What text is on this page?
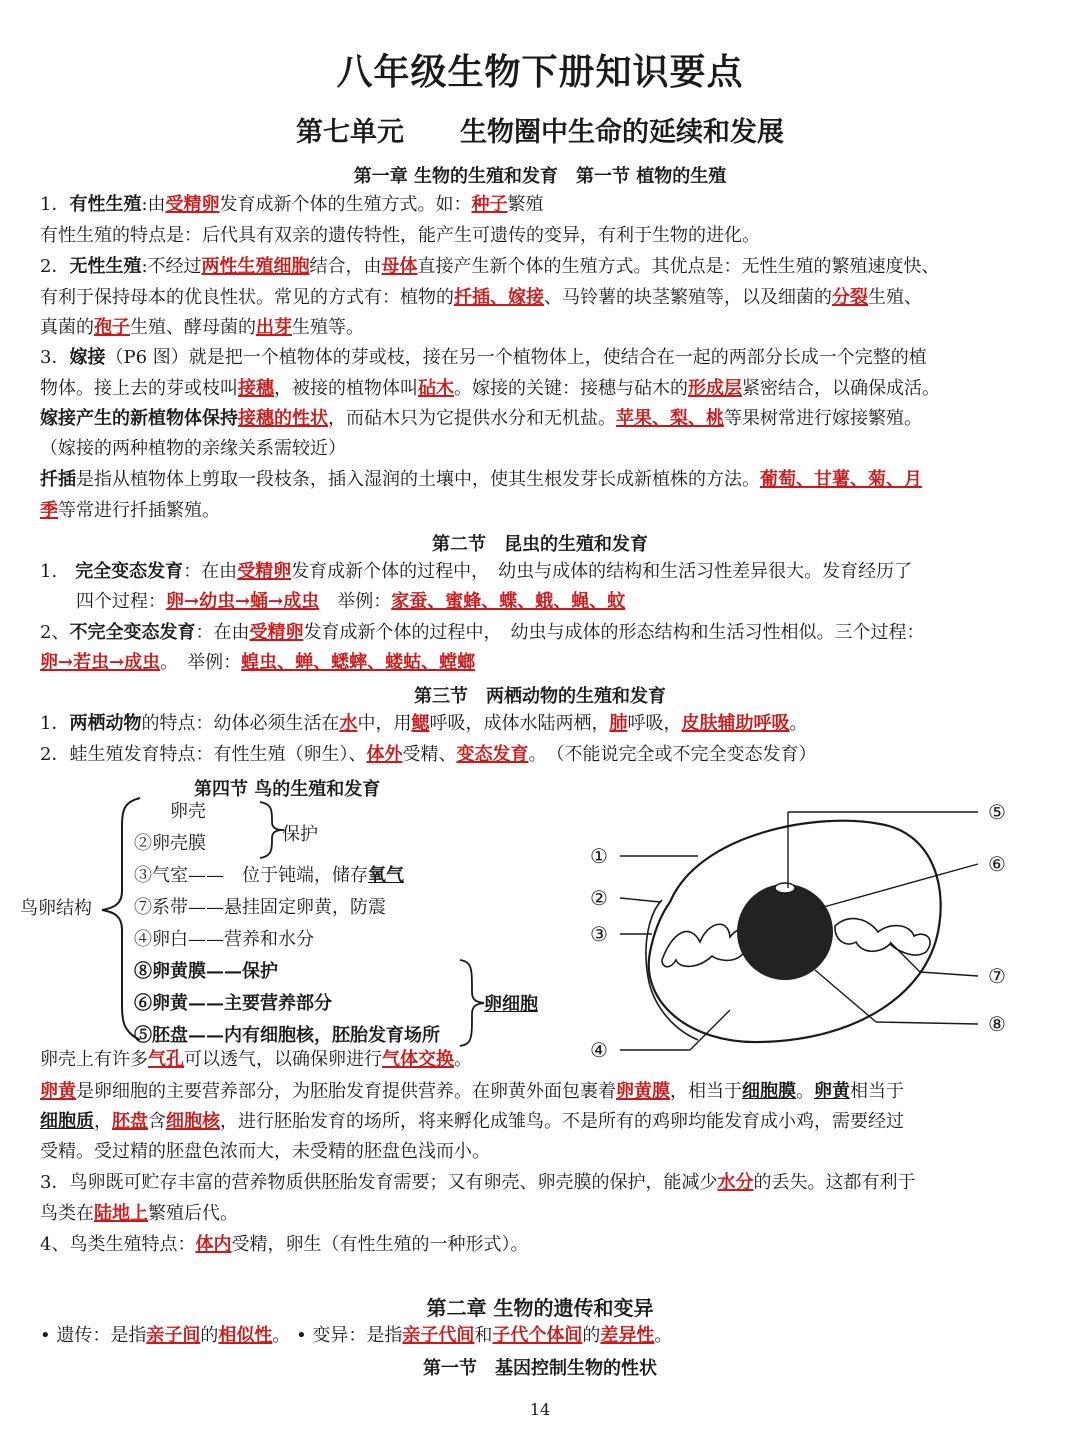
八年级生物下册知识要点
第七单元 生物圈中生命的延续和发展
第一章 生物的生殖和发育　第一节 植物的生殖
1．有性生殖:由受精卵发育成新个体的生殖方式。如：种子繁殖
有性生殖的特点是：后代具有双亲的遗传特性，能产生可遗传的变异，有利于生物的进化。
2．无性生殖:不经过两性生殖细胞结合，由母体直接产生新个体的生殖方式。其优点是：无性生殖的繁殖速度快、
有利于保持母本的优良性状。常见的方式有：植物的扦插、嫁接、马铃薯的块茎繁殖等，以及细菌的分裂生殖、
真菌的孢子生殖、酵母菌的出芽生殖等。
3．嫁接（P6 图）就是把一个植物体的芽或枝，接在另一个植物体上，使结合在一起的两部分长成一个完整的植
物体。接上去的芽或枝叫接穗，被接的植物体叫砧木。嫁接的关键：接穗与砧木的形成层紧密结合，以确保成活。
嫁接产生的新植物体保持接穗的性状，而砧木只为它提供水分和无机盐。苹果、梨、桃等果树常进行嫁接繁殖。
（嫁接的两种植物的亲缘关系需较近）
扦插是指从植物体上剪取一段枝条，插入湿润的土壤中，使其生根发芽长成新植株的方法。葡萄、甘薯、菊、月
季等常进行扦插繁殖。
第二节　昆虫的生殖和发育
1.　完全变态发育：在由受精卵发育成新个体的过程中，　幼虫与成体的结构和生活习性差异很大。发育经历了
四个过程：卵→幼虫→蛹→成虫　举例：家蚕、蜜蜂、蝶、蛾、蝇、蚊
2、不完全变态发育：在由受精卵发育成新个体的过程中，　幼虫与成体的形态结构和生活习性相似。三个过程：
卵→若虫→成虫。　举例：蝗虫、蝉、蟋蟀、蝼蛄、螳螂
第三节　两栖动物的生殖和发育
1．两栖动物的特点：幼体必须生活在水中，用鳃呼吸，成体水陆两栖，肺呼吸，皮肤辅助呼吸。
2．蛙生殖发育特点：有性生殖（卵生）、体外受精、变态发育。　（不能说完全或不完全变态发育）
第四节 鸟的生殖和发育
鸟卵结构
卵壳
②卵壳膜
③气室——　位于钝端，储存氧气
⑦系带——悬挂固定卵黄，防震
④卵白——营养和水分
⑧卵黄膜——保护
⑥卵黄——主要营养部分
⑤胚盘——内有细胞核，胚胎发育场所
保护
卵细胞
①
②
③
④
⑤
⑥
⑦
⑧
卵壳上有许多气孔可以透气，以确保卵进行气体交换。
卵黄是卵细胞的主要营养部分，为胚胎发育提供营养。在卵黄外面包裹着卵黄膜，相当于细胞膜。卵黄相当于
细胞质，胚盘含细胞核，进行胚胎发育的场所，将来孵化成雏鸟。不是所有的鸡卵均能发育成小鸡，需要经过
受精。受过精的胚盘色浓而大，未受精的胚盘色浅而小。
3．鸟卵既可贮存丰富的营养物质供胚胎发育需要；又有卵壳、卵壳膜的保护，能减少水分的丢失。这都有利于
鸟类在陆地上繁殖后代。
4、鸟类生殖特点：体内受精，卵生（有性生殖的一种形式）。
第二章 生物的遗传和变异
• 遗传：是指亲子间的相似性。 • 变异：是指亲子代间和子代个体间的差异性。
第一节　基因控制生物的性状
14
